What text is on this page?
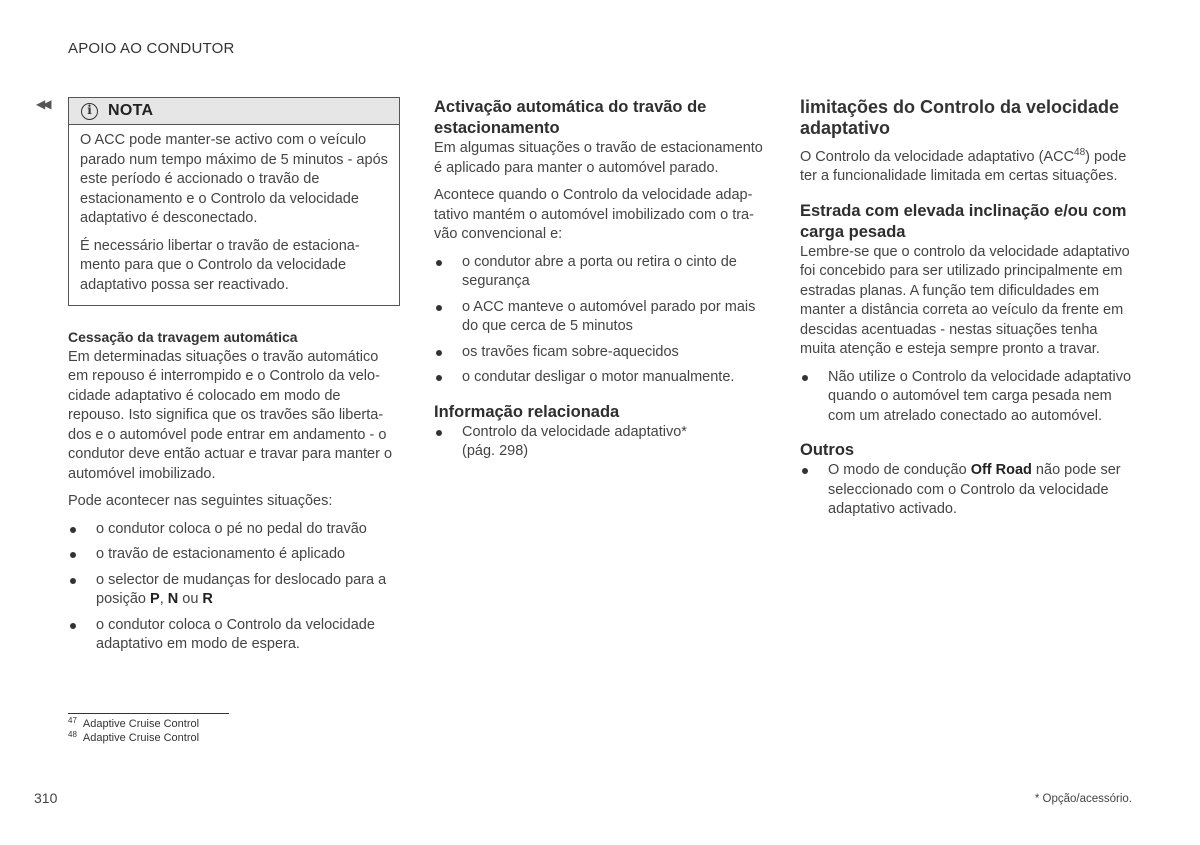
APOIO AO CONDUTOR
◀◀	i	NOTA

O ACC pode manter-se activo com o veículo parado num tempo máximo de 5 minutos - após este período é accionado o travão de estacionamento e o Controlo da velocidade adaptativo é desconectado.

É necessário libertar o travão de estacionamento para que o Controlo da velocidade adaptativo possa ser reactivado.

Cessação da travagem automática

Em determinadas situações o travão automático em repouso é interrompido e o Controlo da velocidade adaptativo é colocado em modo de repouso. Isto significa que os travões são libertados e o automóvel pode entrar em andamento - o condutor deve então actuar e travar para manter o automóvel imobilizado.

Pode acontecer nas seguintes situações:

o condutor coloca o pé no pedal do travão
o travão de estacionamento é aplicado
o selector de mudanças for deslocado para a posição P, N ou R
o condutor coloca o Controlo da velocidade adaptativo em modo de espera.
Activação automática do travão de estacionamento

Em algumas situações o travão de estacionamento é aplicado para manter o automóvel parado.

Acontece quando o Controlo da velocidade adaptativo mantém o automóvel imobilizado com o travão convencional e:

o condutor abre a porta ou retira o cinto de segurança
o ACC manteve o automóvel parado por mais do que cerca de 5 minutos
os travões ficam sobre-aquecidos
o condutar desligar o motor manualmente.
Informação relacionada
Controlo da velocidade adaptativo*
(pág. 298)
limitações do Controlo da velocidade adaptativo

O Controlo da velocidade adaptativo (ACC$^{48}$) pode ter a funcionalidade limitada em certas situações.

Estrada com elevada inclinação e/ou com carga pesada

Lembre-se que o controlo da velocidade adaptativo foi concebido para ser utilizado principalmente em estradas planas. A função tem dificuldades em manter a distância correta ao veículo da frente em descidas acentuadas - nestas situações tenha muita atenção e esteja sempre pronto a travar.

Não utilize o Controlo da velocidade adaptativo quando o automóvel tem carga pesada nem com um atrelado conectado ao automóvel.
Outros
O modo de condução Off Road não pode ser seleccionado com o Controlo da velocidade adaptativo activado.
$^{47}$ Adaptive Cruise Control
$^{48}$ Adaptive Cruise Control
310	* Opção/acessório.
